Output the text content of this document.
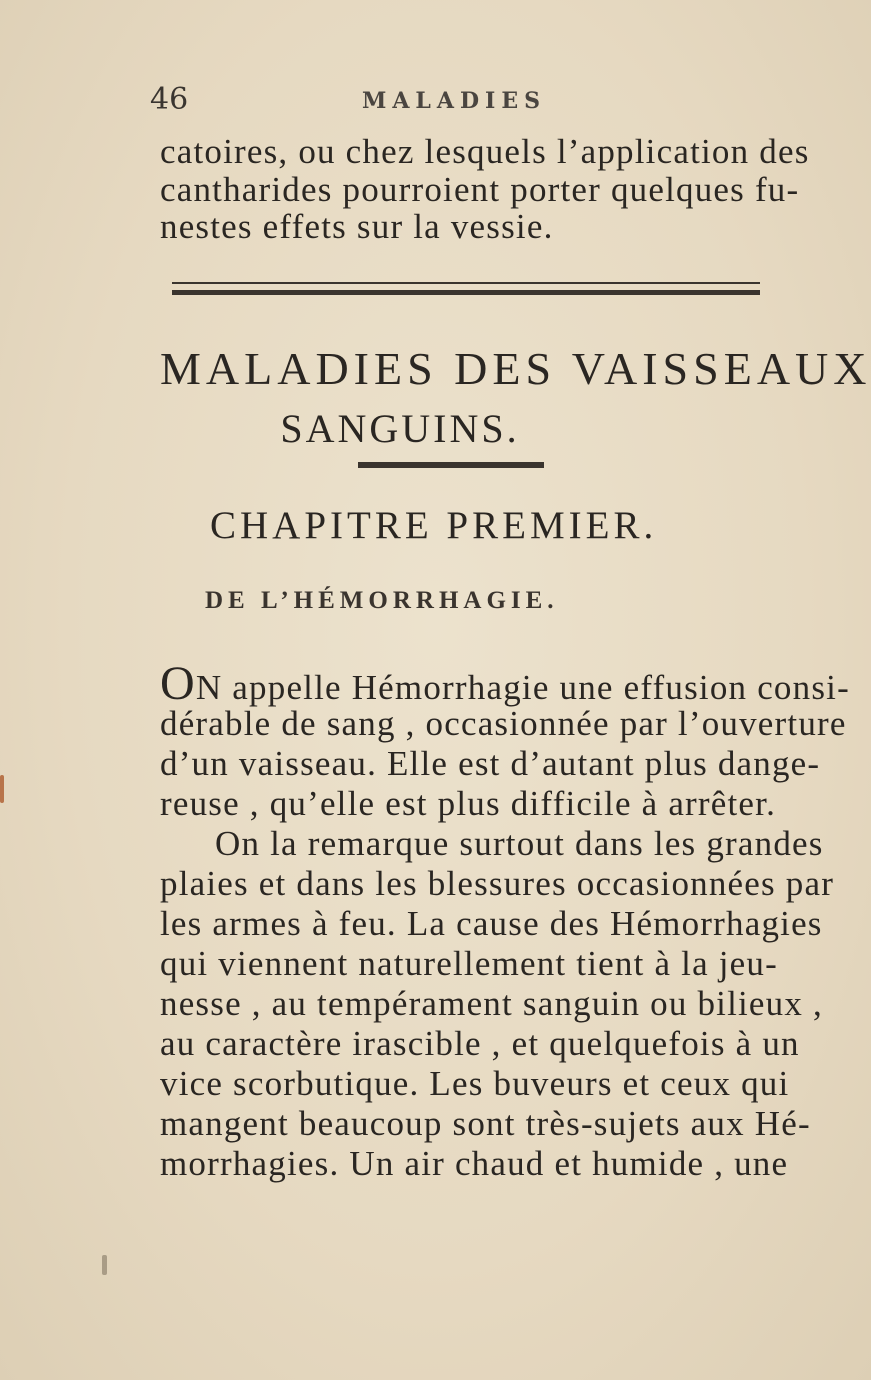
46	MALADIES
catoires, ou chez lesquels l’application des
cantharides pourroient porter quelques fu-
nestes effets sur la vessie.
MALADIES DES VAISSEAUX
SANGUINS.
CHAPITRE PREMIER.
DE L’HÉMORRHAGIE.
ON appelle Hémorrhagie une effusion consi-
dérable de sang , occasionnée par l’ouverture
d’un vaisseau. Elle est d’autant plus dange-
reuse , qu’elle est plus difficile à arrêter.
On la remarque surtout dans les grandes
plaies et dans les blessures occasionnées par
les armes à feu. La cause des Hémorrhagies
qui viennent naturellement tient à la jeu-
nesse , au tempérament sanguin ou bilieux ,
au caractère irascible , et quelquefois à un
vice scorbutique. Les buveurs et ceux qui
mangent beaucoup sont très-sujets aux Hé-
morrhagies. Un air chaud et humide , une
